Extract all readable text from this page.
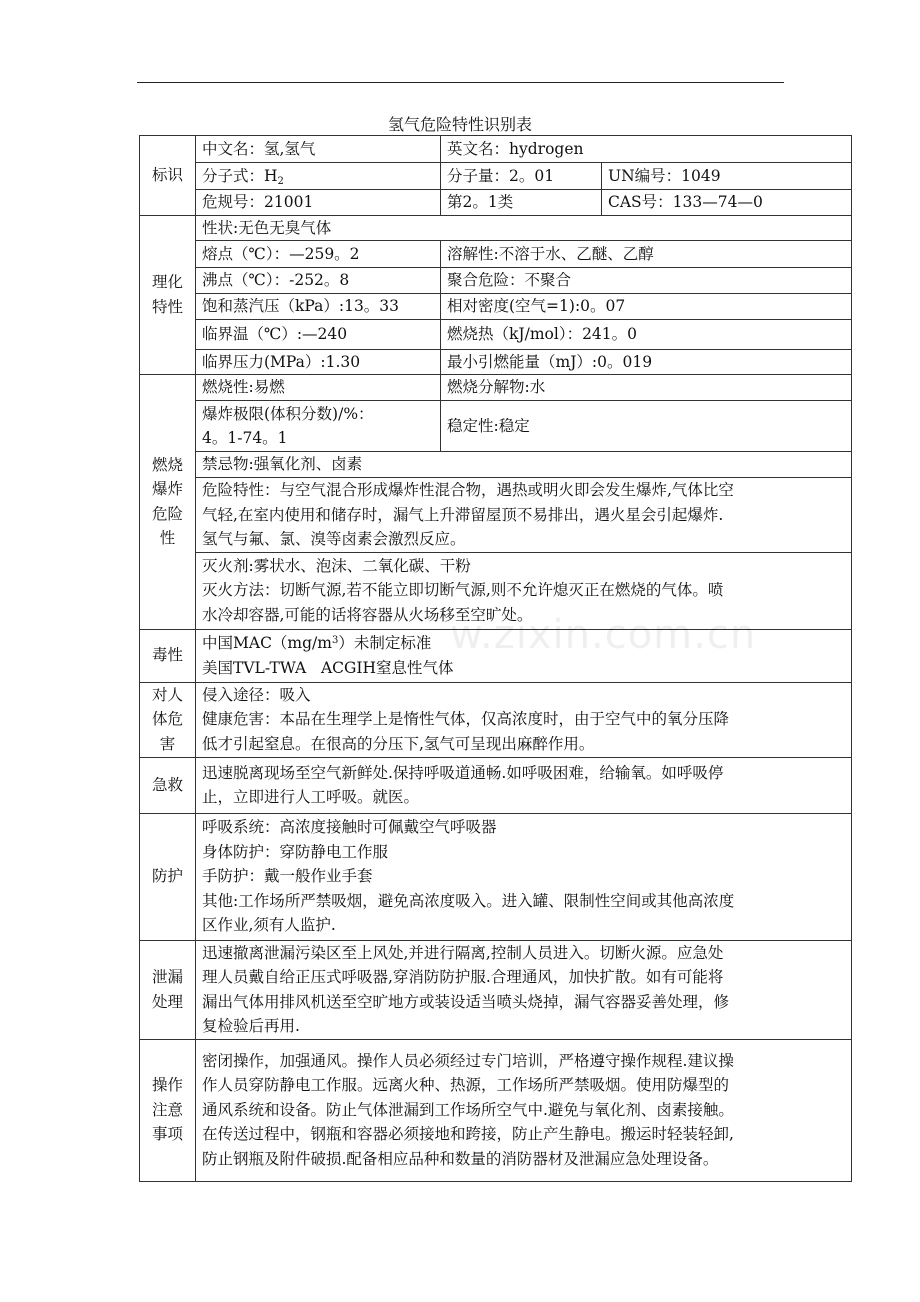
氢气危险特性识别表
标识	中文名：氢,氢气	英文名：hydrogen	
	分子式：$H_2$	分子量：2。01	UN编号：1049
	危规号：21001	第2。1类	CAS号：133—74—0

理化
特性	性状:无色无臭气体		
	熔点（℃）：—259。2	溶解性:不溶于水、乙醚、乙醇	
	沸点（℃）：-252。8	聚合危险：不聚合	
	饱和蒸汽压（kPa）:13。33	相对密度(空气=1):0。07	
	临界温（℃）:—240	燃烧热（kJ/mol）：241。0	
	临界压力(MPa）:1.30	最小引燃能量（mJ）:0。019	

燃烧
爆炸
危险
性	燃烧性:易燃	燃烧分解物:水	

	爆炸极限(体积分数)/%：
4。1-74。1	稳定性:稳定	
	禁忌物:强氧化剂、卤素		

	危险特性：与空气混合形成爆炸性混合物，遇热或明火即会发生爆炸,气体比空
气轻,在室内使用和储存时，漏气上升滞留屋顶不易排出，遇火星会引起爆炸.
氢气与氟、氯、溴等卤素会激烈反应。		

	灭火剂:雾状水、泡沫、二氧化碳、干粉
灭火方法：切断气源,若不能立即切断气源,则不允许熄灭正在燃烧的气体。喷
水冷却容器,可能的话将容器从火场移至空旷处。		

毒性	中国$MAC(mg/m^3)$未制定标准
美国TVL-TWA   ACGIH窒息性气体		

对人
体危
害	侵入途径：吸入
健康危害：本品在生理学上是惰性气体，仅高浓度时，由于空气中的氧分压降
低才引起窒息。在很高的分压下,氢气可呈现出麻醉作用。		

急救	迅速脱离现场至空气新鲜处.保持呼吸道通畅.如呼吸困难，给输氧。如呼吸停
止，立即进行人工呼吸。就医。		

防护	呼吸系统：高浓度接触时可佩戴空气呼吸器
身体防护：穿防静电工作服
手防护：戴一般作业手套
其他:工作场所严禁吸烟，避免高浓度吸入。进入罐、限制性空间或其他高浓度
区作业,须有人监护.		

泄漏
处理	迅速撤离泄漏污染区至上风处,并进行隔离,控制人员进入。切断火源。应急处
理人员戴自给正压式呼吸器,穿消防防护服.合理通风，加快扩散。如有可能将
漏出气体用排风机送至空旷地方或装设适当喷头烧掉，漏气容器妥善处理，修
复检验后再用.		

操作
注意
事项	密闭操作，加强通风。操作人员必须经过专门培训，严格遵守操作规程.建议操
作人员穿防静电工作服。远离火种、热源，工作场所严禁吸烟。使用防爆型的
通风系统和设备。防止气体泄漏到工作场所空气中.避免与氧化剂、卤素接触。
在传送过程中，钢瓶和容器必须接地和跨接，防止产生静电。搬运时轻装轻卸,
防止钢瓶及附件破损.配备相应品种和数量的消防器材及泄漏应急处理设备。		
w.zixin.com.cn
